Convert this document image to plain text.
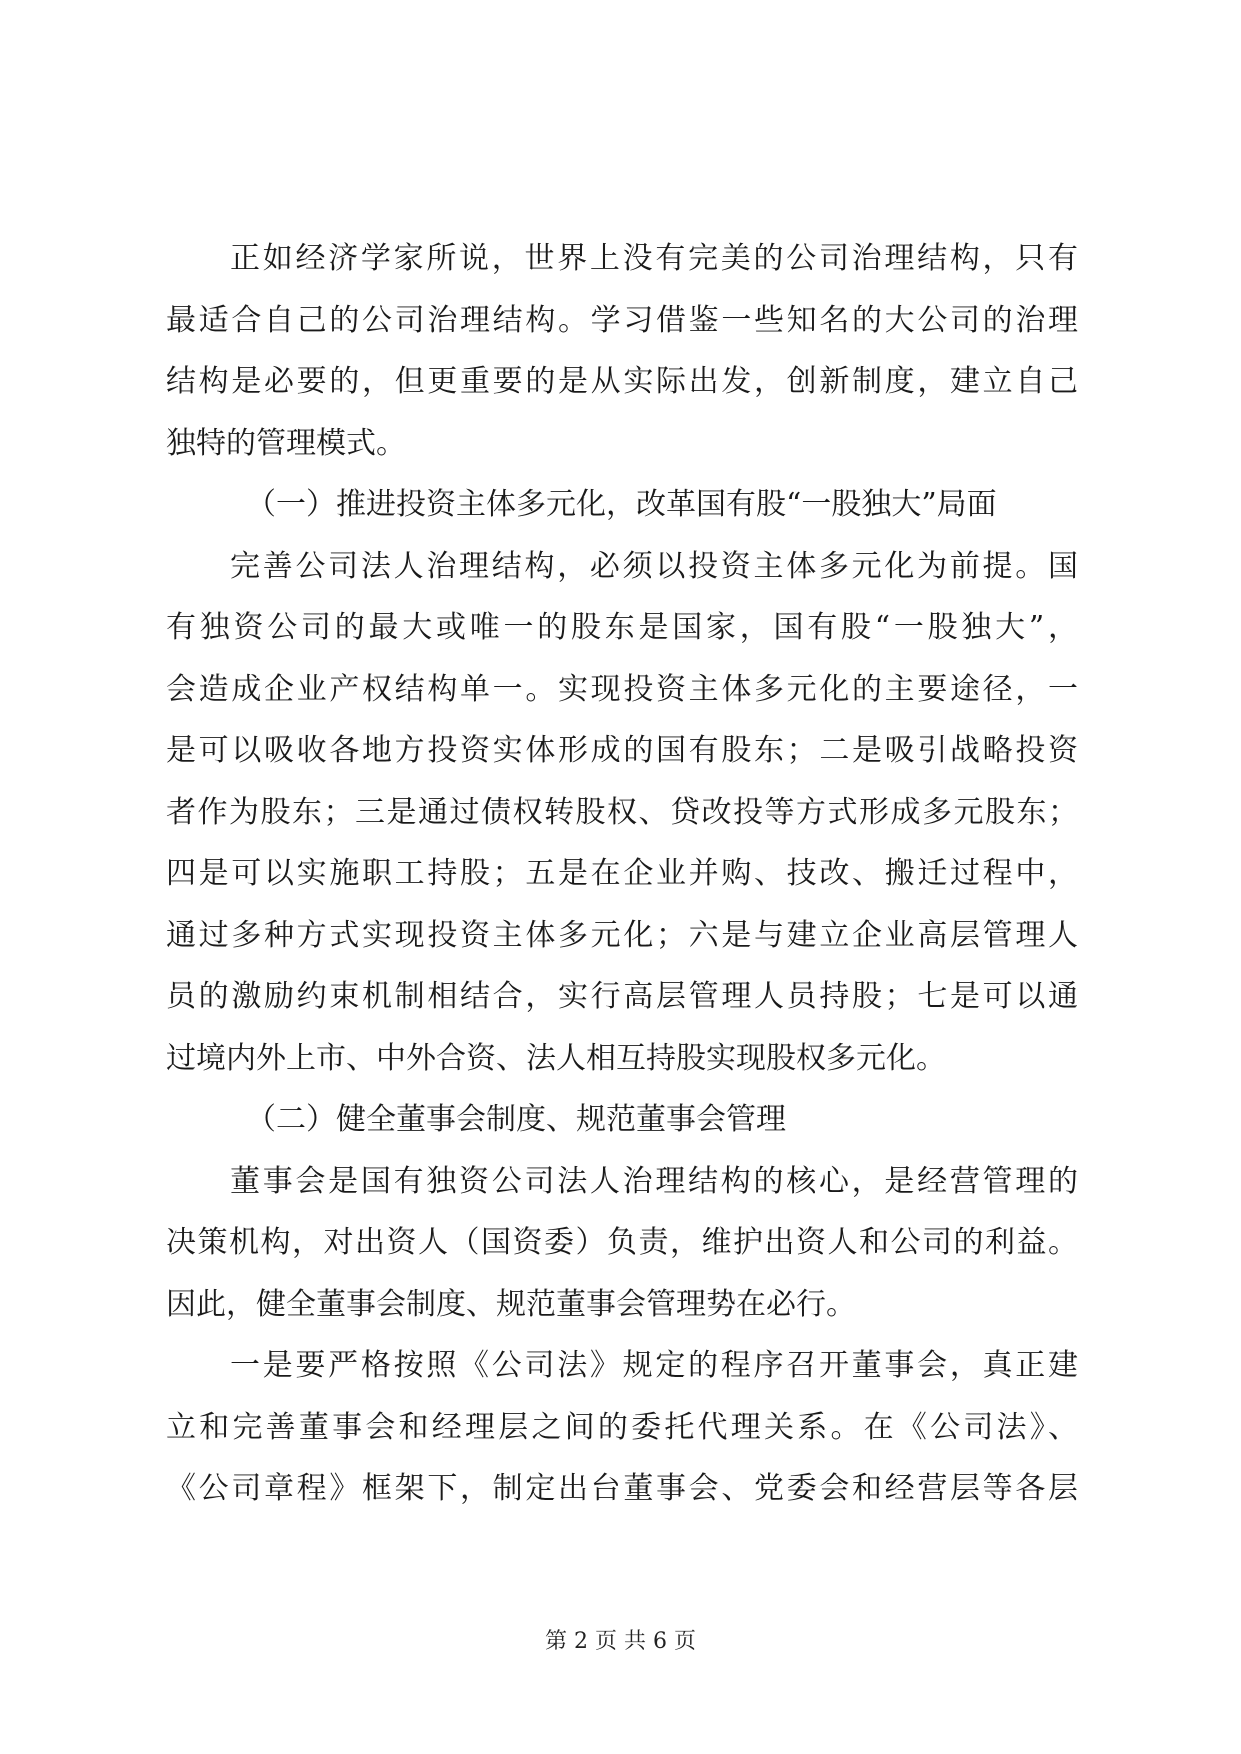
正如经济学家所说，世界上没有完美的公司治理结构，只有
最适合自己的公司治理结构。学习借鉴一些知名的大公司的治理
结构是必要的，但更重要的是从实际出发，创新制度，建立自己
独特的管理模式。
（一）推进投资主体多元化，改革国有股“一股独大”局面
完善公司法人治理结构，必须以投资主体多元化为前提。国
有独资公司的最大或唯一的股东是国家，国有股“一股独大”，
会造成企业产权结构单一。实现投资主体多元化的主要途径，一
是可以吸收各地方投资实体形成的国有股东；二是吸引战略投资
者作为股东；三是通过债权转股权、贷改投等方式形成多元股东；
四是可以实施职工持股；五是在企业并购、技改、搬迁过程中，
通过多种方式实现投资主体多元化；六是与建立企业高层管理人
员的激励约束机制相结合，实行高层管理人员持股；七是可以通
过境内外上市、中外合资、法人相互持股实现股权多元化。
（二）健全董事会制度、规范董事会管理
董事会是国有独资公司法人治理结构的核心，是经营管理的
决策机构，对出资人（国资委）负责，维护出资人和公司的利益。
因此，健全董事会制度、规范董事会管理势在必行。
一是要严格按照《公司法》规定的程序召开董事会，真正建
立和完善董事会和经理层之间的委托代理关系。在《公司法》、
《公司章程》框架下，制定出台董事会、党委会和经营层等各层
第 2 页 共 6 页
